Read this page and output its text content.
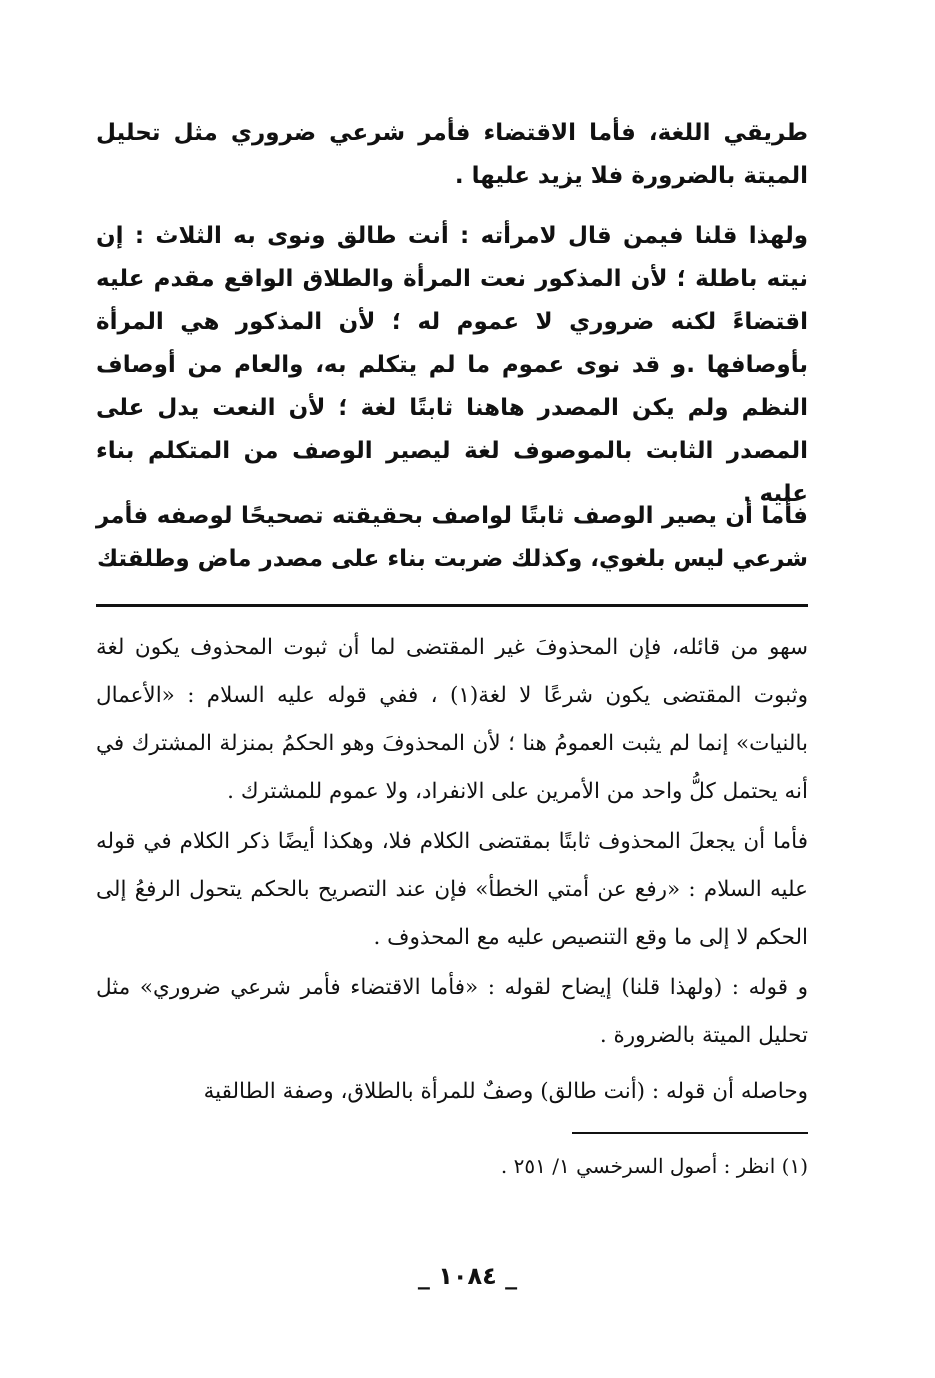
طريقي اللغة، فأما الاقتضاء فأمر شرعي ضروري مثل تحليل الميتة بالضرورة فلا يزيد عليها .

ولهذا قلنا فيمن قال لامرأته : أنت طالق ونوى به الثلاث : إن نيته باطلة ؛ لأن المذكور نعت المرأة والطلاق الواقع مقدم عليه اقتضاءً لكنه ضروري لا عموم له ؛ لأن المذكور هي المرأة بأوصافها .و قد نوى عموم ما لم يتكلم به، والعام من أوصاف النظم ولم يكن المصدر هاهنا ثابتًا لغة ؛ لأن النعت يدل على المصدر الثابت بالموصوف لغة ليصير الوصف من المتكلم بناء عليه .

فأما أن يصير الوصف ثابتًا لواصف بحقيقته تصحيحًا لوصفه فأمر شرعي ليس بلغوي، وكذلك ضربت بناء على مصدر ماض وطلقتك

سهو من قائله، فإن المحذوفَ غير المقتضى لما أن ثبوت المحذوف يكون لغة وثبوت المقتضى يكون شرعًا لا لغة(١) ، ففي قوله عليه السلام : «الأعمال بالنيات» إنما لم يثبت العمومُ هنا ؛ لأن المحذوفَ وهو الحكمُ بمنزلة المشترك في أنه يحتمل كلُّ واحد من الأمرين على الانفراد، ولا عموم للمشترك .

فأما أن يجعلَ المحذوف ثابتًا بمقتضى الكلام فلا، وهكذا أيضًا ذكر الكلام في قوله عليه السلام : «رفع عن أمتي الخطأ» فإن عند التصريح بالحكم يتحول الرفعُ إلى الحكم لا إلى ما وقع التنصيص عليه مع المحذوف .

و قوله : (ولهذا قلنا) إيضاح لقوله : «فأما الاقتضاء فأمر شرعي ضروري» مثل تحليل الميتة بالضرورة .

وحاصله أن قوله : (أنت طالق) وصفٌ للمرأة بالطلاق، وصفة الطالقية

(١) انظر : أصول السرخسي ١/ ٢٥١ .

_ ١٠٨٤ _
